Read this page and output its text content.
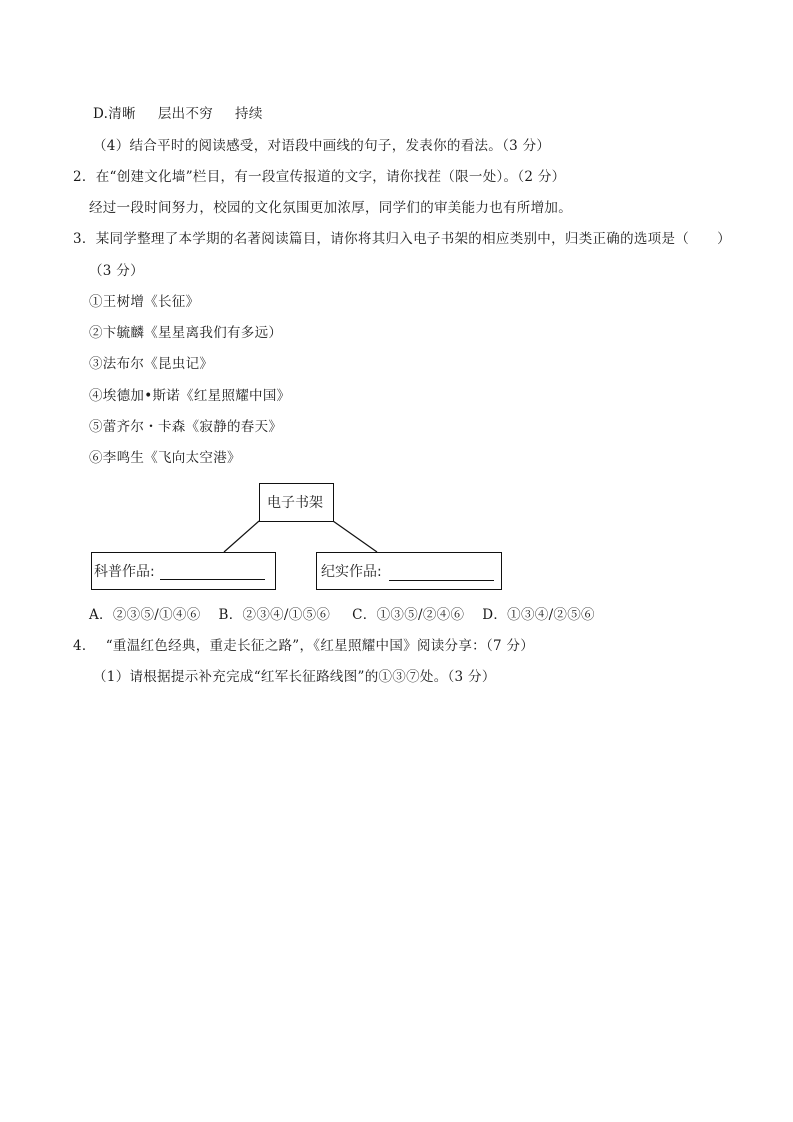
D.清晰 层出不穷 持续
（4）结合平时的阅读感受，对语段中画线的句子，发表你的看法。（3 分）
2．在“创建文化墙”栏目，有一段宣传报道的文字，请你找茬（限一处）。（2 分）
经过一段时间努力，校园的文化氛围更加浓厚，同学们的审美能力也有所增加。
3．某同学整理了本学期的名著阅读篇目，请你将其归入电子书架的相应类别中，归类正确的选项是（ ）
（3 分）
①王树增《长征》
②卞毓麟《星星离我们有多远）
③法布尔《昆虫记》
④埃德加•斯诺《红星照耀中国》
⑤蕾齐尔・卡森《寂静的春天》
⑥李鸣生《飞向太空港》
电子书架
科普作品:	纪实作品:
A．②③⑤/①④⑥ B．②③④/①⑤⑥ C．①③⑤/②④⑥ D．①③④/②⑤⑥
4． “重温红色经典，重走长征之路”，《红星照耀中国》阅读分享：（7 分）
（1）请根据提示补充完成“红军长征路线图”的①③⑦处。（3 分）
